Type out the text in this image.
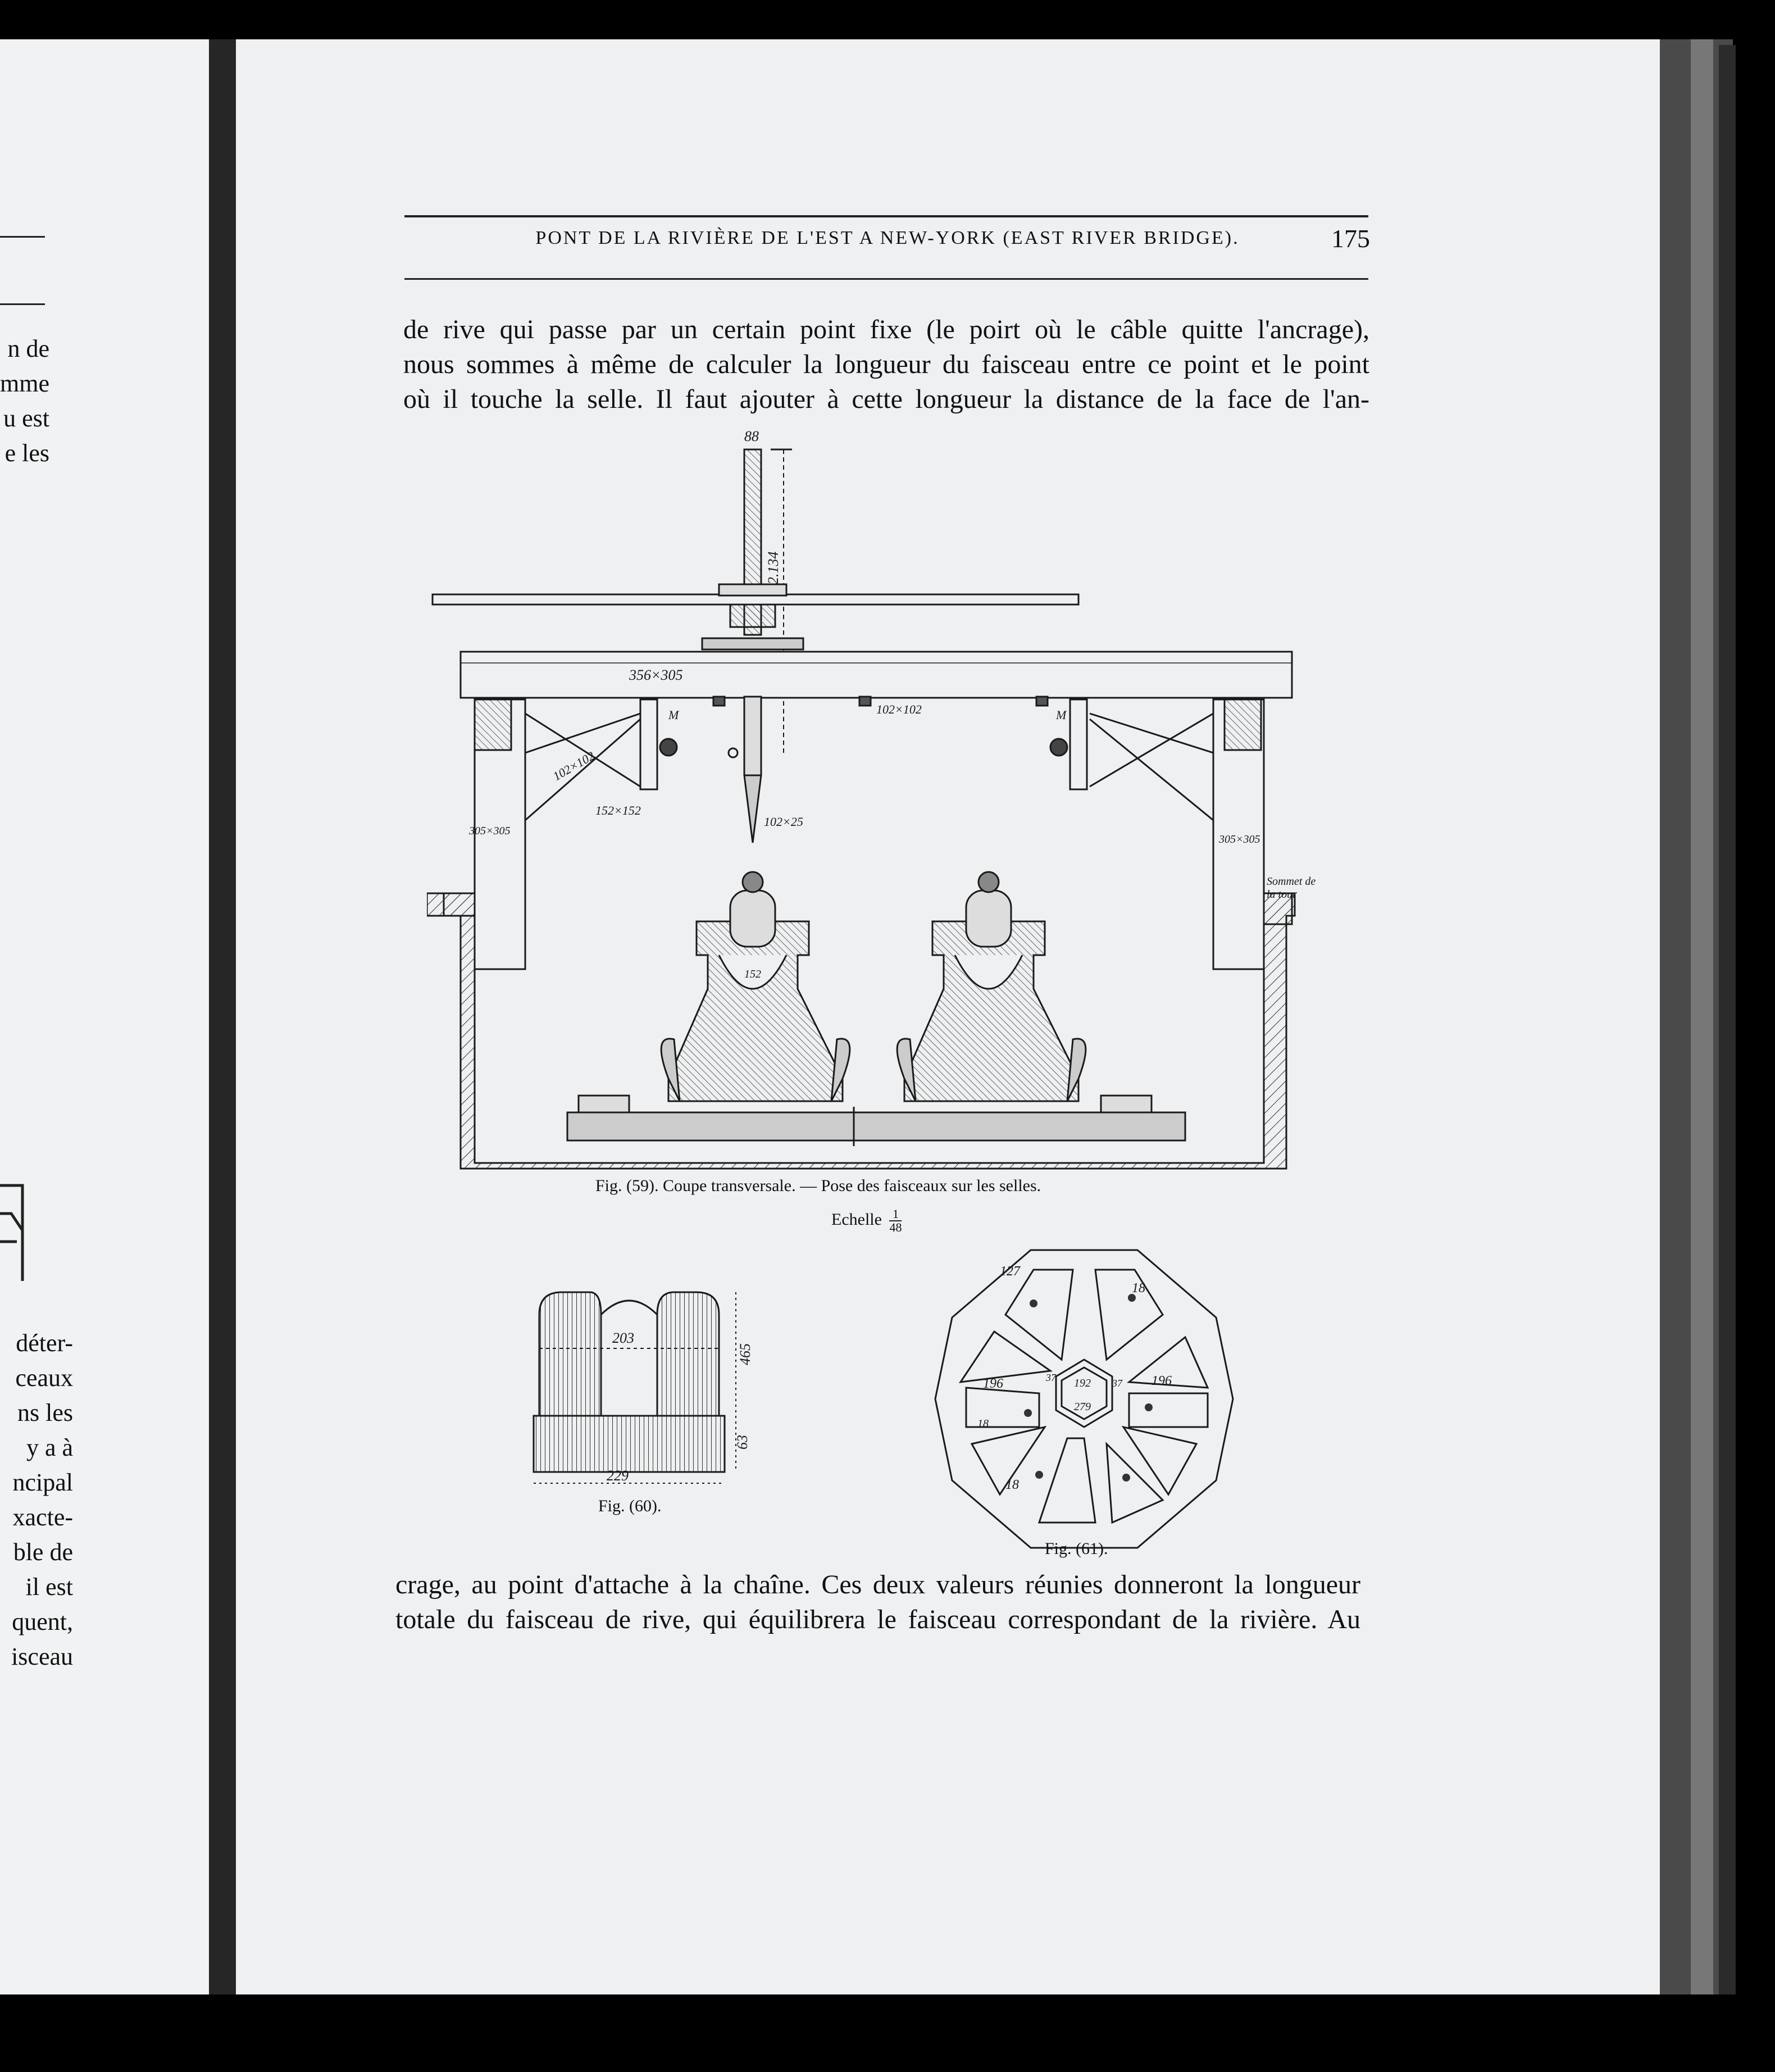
n de
mme
u est
e les
déter-
ceaux
ns les
y a à
ncipal
xacte-
ble de
il est
quent,
isceau
PONT DE LA RIVIÈRE DE L'EST A NEW-YORK (EAST RIVER BRIDGE).	175
de rive qui passe par un certain point fixe (le poirt où le câble quitte l'ancrage),
nous sommes à même de calculer la longueur du faisceau entre ce point et le point
où il touche la selle. Il faut ajouter à cette longueur la distance de la face de l'an-
88
2.134
356×305
102×102
102×102
152×152
102×25
305×305
305×305
M	M
Sommet de
la tour
152
Fig. (59). Coupe transversale. — Pose des faisceaux sur les selles.
Echelle $\frac{1}{48}$
203
465
63
229
Fig. (60).
127
18
196	37 192 37 196
18
18
279
Fig. (61).
crage, au point d'attache à la chaîne. Ces deux valeurs réunies donneront la longueur
totale du faisceau de rive, qui équilibrera le faisceau correspondant de la rivière. Au
